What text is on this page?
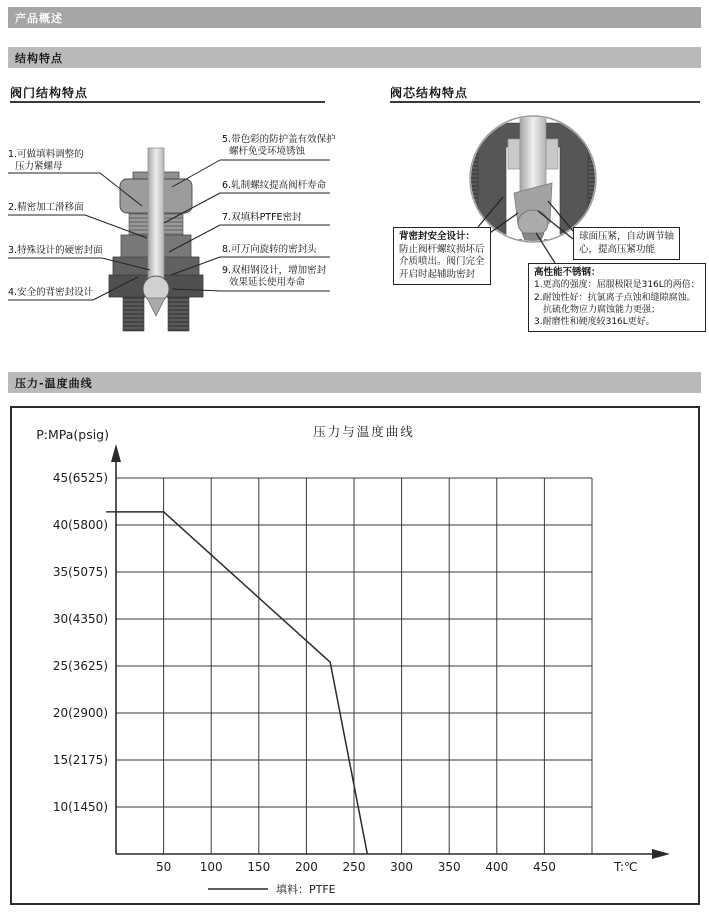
产品概述
结构特点
阀门结构特点	阀芯结构特点
1.可做填料调整的
压力紧螺母
2.精密加工滑移面
3.特殊设计的硬密封面
4.安全的背密封设计
5.带色彩的防护盖有效保护
螺杆免受环境锈蚀
6.轧制螺纹提高阀杆寿命
7.双填料PTFE密封
8.可万向旋转的密封头
9.双相钢设计，增加密封
效果延长使用寿命
背密封安全设计：
防止阀杆螺纹损坏后
介质喷出。阀门完全
开启时起辅助密封
球面压紧，自动调节轴
心，提高压紧功能
高性能不锈钢：
1.更高的强度：屈服极限是316L的两倍；
2.耐蚀性好：抗氯离子点蚀和缝隙腐蚀。
抗硫化物应力腐蚀能力更强；
3.耐磨性和硬度较316L更好。
压力-温度曲线
45(6525)
40(5800)
35(5075)
30(4350)
25(3625)
20(2900)
15(2175)
10(1450)
50 100 150 200 250 300 350 400 450
压力与温度曲线
P:MPa(psig)
T:℃
填料：PTFE
